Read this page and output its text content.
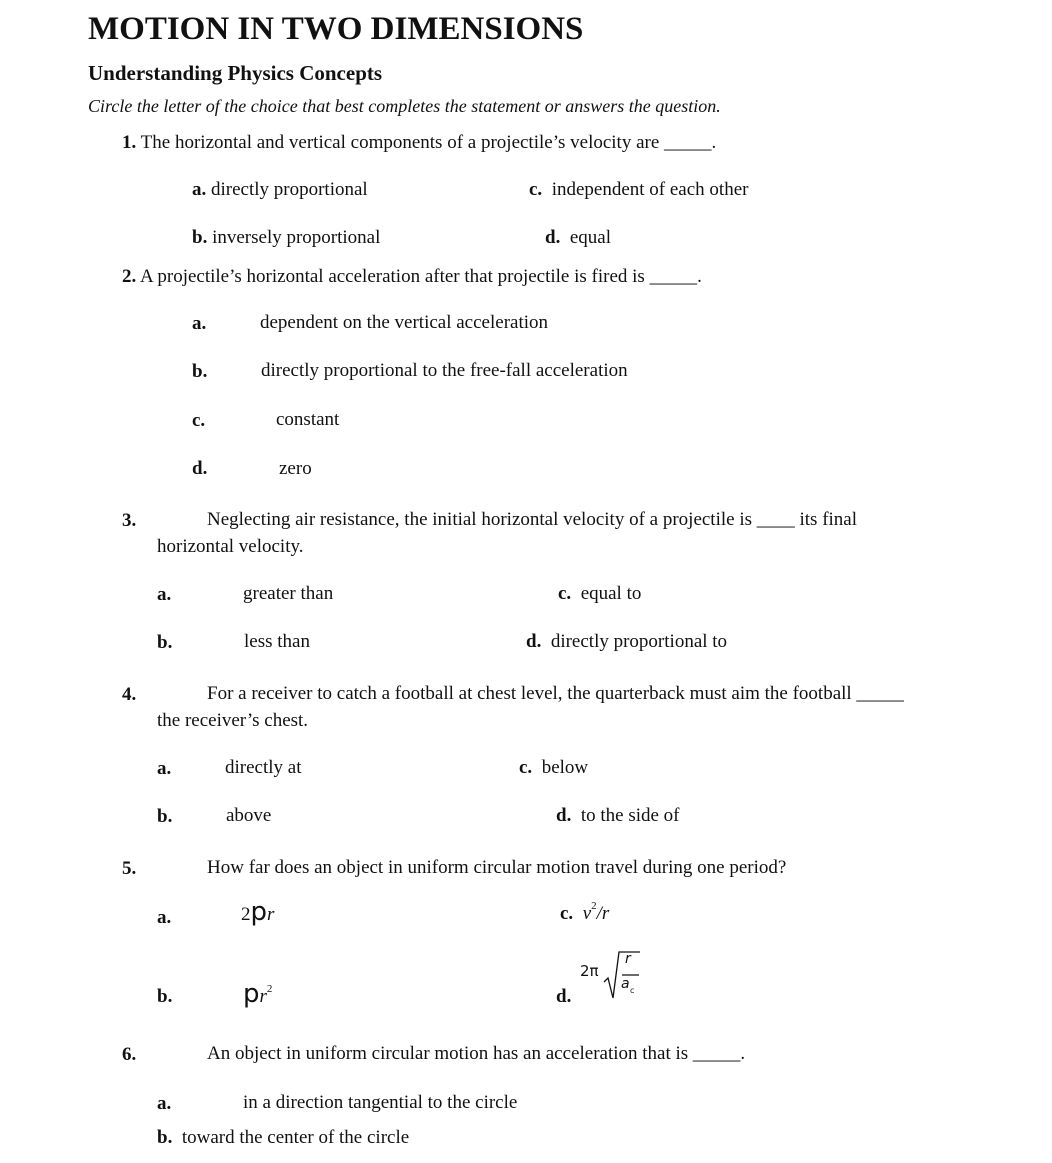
MOTION IN TWO DIMENSIONS
Understanding Physics Concepts
Circle the letter of the choice that best completes the statement or answers the question.
1. The horizontal and vertical components of a projectile’s velocity are _____.
a. directly proportional
b. inversely proportional
c. independent of each other
d. equal
2. A projectile’s horizontal acceleration after that projectile is fired is _____.
a.	dependent on the vertical acceleration
b.	directly proportional to the free-fall acceleration
c.	constant
d.	zero
3.	Neglecting air resistance, the initial horizontal velocity of a projectile is ____ its final
horizontal velocity.
a.	greater than
b.	less than
c. equal to
d. directly proportional to
4.	For a receiver to catch a football at chest level, the quarterback must aim the football _____
the receiver’s chest.
a.	directly at
b.	above
c. below
d. to the side of
5.	How far does an object in uniform circular motion travel during one period?
a.	2pr
b.	$pr^2$
c. $v^2/r$
d.
2π
r
a c
6.	An object in uniform circular motion has an acceleration that is _____.
a.	in a direction tangential to the circle
b. toward the center of the circle
